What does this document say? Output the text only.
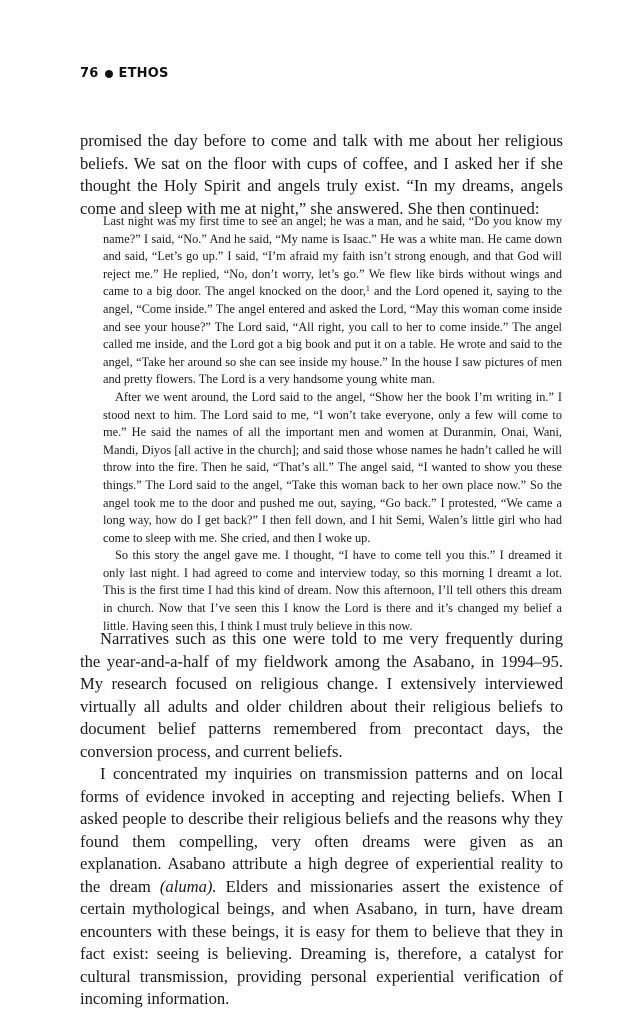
76 ETHOS

promised the day before to come and talk with me about her religious beliefs. We sat on the floor with cups of coffee, and I asked her if she thought the Holy Spirit and angels truly exist. “In my dreams, angels come and sleep with me at night,” she answered. She then continued:

Last night was my first time to see an angel; he was a man, and he said, “Do you know my name?” I said, “No.” And he said, “My name is Isaac.” He was a white man. He came down and said, “Let’s go up.” I said, “I’m afraid my faith isn’t strong enough, and that God will reject me.” He replied, “No, don’t worry, let’s go.” We flew like birds without wings and came to a big door. The angel knocked on the door,$^1$ and the Lord opened it, saying to the angel, “Come inside.” The angel entered and asked the Lord, “May this woman come inside and see your house?” The Lord said, “All right, you call to her to come inside.” The angel called me inside, and the Lord got a big book and put it on a table. He wrote and said to the angel, “Take her around so she can see inside my house.” In the house I saw pictures of men and pretty flowers. The Lord is a very handsome young white man.

After we went around, the Lord said to the angel, “Show her the book I’m writing in.” I stood next to him. The Lord said to me, “I won’t take everyone, only a few will come to me.” He said the names of all the important men and women at Duranmin, Onai, Wani, Mandi, Diyos [all active in the church]; and said those whose names he hadn’t called he will throw into the fire. Then he said, “That’s all.” The angel said, “I wanted to show you these things.” The Lord said to the angel, “Take this woman back to her own place now.” So the angel took me to the door and pushed me out, saying, “Go back.” I protested, “We came a long way, how do I get back?” I then fell down, and I hit Semi, Walen’s little girl who had come to sleep with me. She cried, and then I woke up.

So this story the angel gave me. I thought, “I have to come tell you this.” I dreamed it only last night. I had agreed to come and interview today, so this morning I dreamt a lot. This is the first time I had this kind of dream. Now this afternoon, I’ll tell others this dream in church. Now that I’ve seen this I know the Lord is there and it’s changed my belief a little. Having seen this, I think I must truly believe in this now.

Narratives such as this one were told to me very frequently during the year-and-a-half of my fieldwork among the Asabano, in 1994–95. My research focused on religious change. I extensively interviewed virtually all adults and older children about their religious beliefs to document belief patterns remembered from precontact days, the conversion process, and current beliefs.

I concentrated my inquiries on transmission patterns and on local forms of evidence invoked in accepting and rejecting beliefs. When I asked people to describe their religious beliefs and the reasons why they found them compelling, very often dreams were given as an explanation. Asabano attribute a high degree of experiential reality to the dream (aluma). Elders and missionaries assert the existence of certain mythological beings, and when Asabano, in turn, have dream encounters with these beings, it is easy for them to believe that they in fact exist: seeing is believing. Dreaming is, therefore, a catalyst for cultural transmission, providing personal experiential verification of incoming information.
